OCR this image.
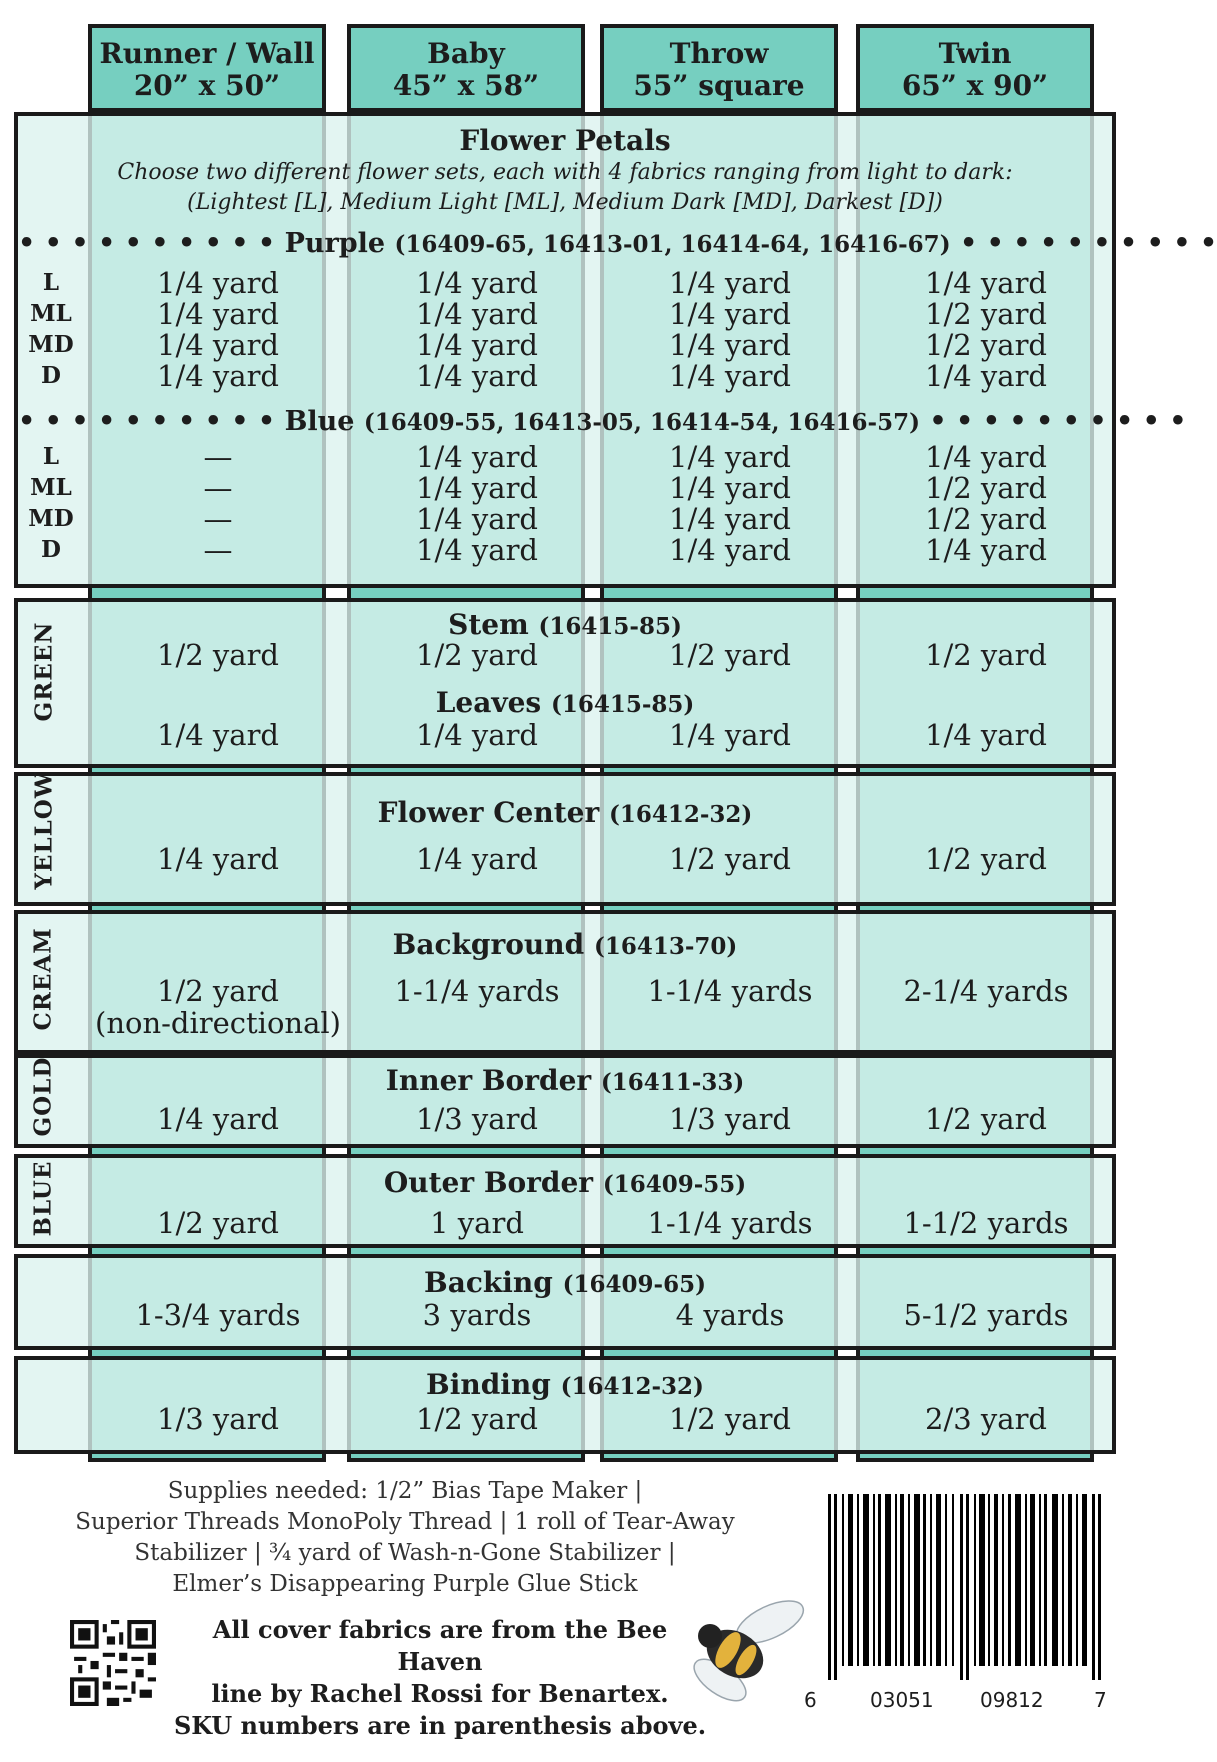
Runner / Wall
20” x 50”
Baby
45” x 58”
Throw
55” square
Twin
65” x 90”
Flower Petals
Choose two different flower sets, each with 4 fabrics ranging from light to dark:
(Lightest [L], Medium Light [ML], Medium Dark [MD], Darkest [D])
• • • • • • • • • • Purple (16409-65, 16413-01, 16414-64, 16416-67) • • • • • • • • • •
L	1/4 yard	1/4 yard	1/4 yard	1/4 yard
ML	1/4 yard	1/4 yard	1/4 yard	1/2 yard
MD	1/4 yard	1/4 yard	1/4 yard	1/2 yard
D	1/4 yard	1/4 yard	1/4 yard	1/4 yard
• • • • • • • • • • Blue (16409-55, 16413-05, 16414-54, 16416-57) • • • • • • • • • •
L	—	1/4 yard	1/4 yard	1/4 yard
ML	—	1/4 yard	1/4 yard	1/2 yard
MD	—	1/4 yard	1/4 yard	1/2 yard
D	—	1/4 yard	1/4 yard	1/4 yard
GREEN	Stem (16415-85)
1/2 yard	1/2 yard	1/2 yard	1/2 yard
Leaves (16415-85)
1/4 yard	1/4 yard	1/4 yard	1/4 yard
YELLOW	Flower Center (16412-32)
1/4 yard	1/4 yard	1/2 yard	1/2 yard
CREAM	Background (16413-70)
1/2 yard	1-1/4 yards	1-1/4 yards	2-1/4 yards
(non-directional)
GOLD	Inner Border (16411-33)
1/4 yard	1/3 yard	1/3 yard	1/2 yard
BLUE	Outer Border (16409-55)
1/2 yard	1 yard	1-1/4 yards	1-1/2 yards
Backing (16409-65)
1-3/4 yards	3 yards	4 yards	5-1/2 yards
Binding (16412-32)
1/3 yard	1/2 yard	1/2 yard	2/3 yard
Supplies needed: 1/2” Bias Tape Maker |
Superior Threads MonoPoly Thread | 1 roll of Tear-Away
Stabilizer | ¾ yard of Wash-n-Gone Stabilizer |
Elmer’s Disappearing Purple Glue Stick
All cover fabrics are from the Bee Haven
line by Rachel Rossi for Benartex.
SKU numbers are in parenthesis above.
6	03051 09812	7
